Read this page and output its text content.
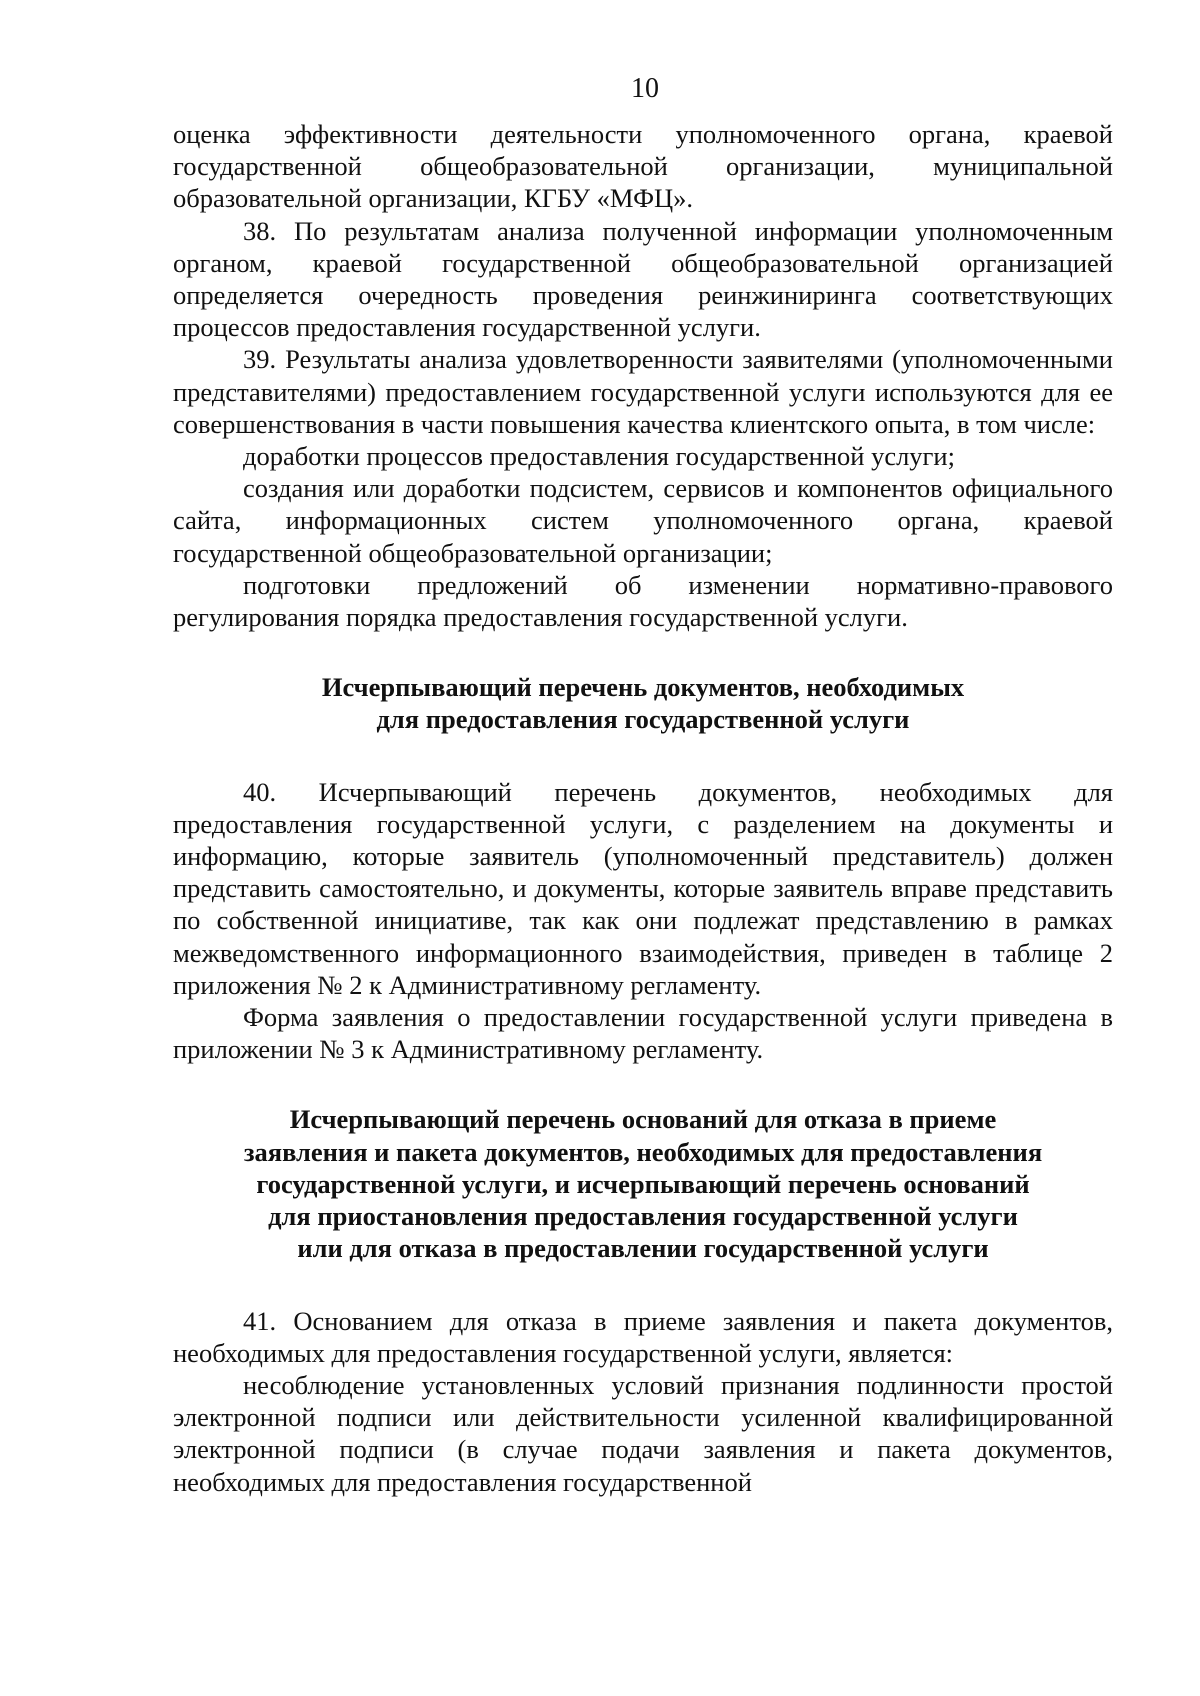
10

оценка эффективности деятельности уполномоченного органа, краевой государственной общеобразовательной организации, муниципальной образовательной организации, КГБУ «МФЦ».

38. По результатам анализа полученной информации уполномоченным органом, краевой государственной общеобразовательной организацией определяется очередность проведения реинжиниринга соответствующих процессов предоставления государственной услуги.

39. Результаты анализа удовлетворенности заявителями (уполномоченными представителями) предоставлением государственной услуги используются для ее совершенствования в части повышения качества клиентского опыта, в том числе:

доработки процессов предоставления государственной услуги;

создания или доработки подсистем, сервисов и компонентов официального сайта, информационных систем уполномоченного органа, краевой государственной общеобразовательной организации;

подготовки предложений об изменении нормативно-правового регулирования порядка предоставления государственной услуги.

Исчерпывающий перечень документов, необходимых
для предоставления государственной услуги

40. Исчерпывающий перечень документов, необходимых для предоставления государственной услуги, с разделением на документы и информацию, которые заявитель (уполномоченный представитель) должен представить самостоятельно, и документы, которые заявитель вправе представить по собственной инициативе, так как они подлежат представлению в рамках межведомственного информационного взаимодействия, приведен в таблице 2 приложения № 2 к Административному регламенту.

Форма заявления о предоставлении государственной услуги приведена в приложении № 3 к Административному регламенту.

Исчерпывающий перечень оснований для отказа в приеме
заявления и пакета документов, необходимых для предоставления
государственной услуги, и исчерпывающий перечень оснований
для приостановления предоставления государственной услуги
или для отказа в предоставлении государственной услуги

41. Основанием для отказа в приеме заявления и пакета документов, необходимых для предоставления государственной услуги, является:

несоблюдение установленных условий признания подлинности простой электронной подписи или действительности усиленной квалифицированной электронной подписи (в случае подачи заявления и пакета документов, необходимых для предоставления государственной
